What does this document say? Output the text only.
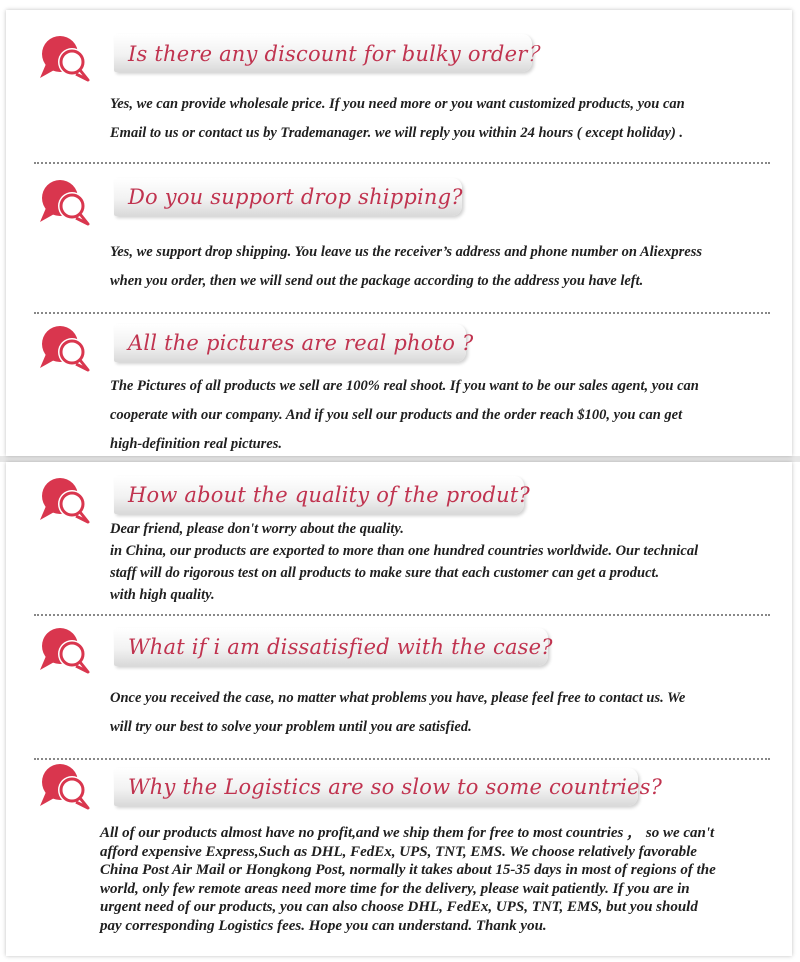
Is there any discount for bulky order？

Yes, we can provide wholesale price. If you need more or you want customized products, you can

Email to us or contact us by Trademanager. we will reply you within 24 hours ( except holiday) .

Do you support drop shipping?

Yes, we support drop shipping. You leave us the receiver’s address and phone number on Aliexpress

when you order, then we will send out the package according to the address you have left.

All the pictures are real photo ?

The Pictures of all products we sell are 100% real shoot. If you want to be our sales agent, you can

cooperate with our company. And if you sell our products and the order reach $100, you can get

high-definition real pictures.

How about the quality of the produt?

Dear friend, please don't worry about the quality.

in China, our products are exported to more than one hundred countries worldwide. Our technical

staff will do rigorous test on all products to make sure that each customer can get a product.

with high quality.

What if i am dissatisfied with the case?

Once you received the case, no matter what problems you have, please feel free to contact us. We

will try our best to solve your problem until you are satisfied.

Why the Logistics are so slow to some countries?

All of our products almost have no profit,and we ship them for free to most countries ， so we can't

afford expensive Express,Such as DHL, FedEx, UPS, TNT, EMS. We choose relatively favorable

China Post Air Mail or Hongkong Post, normally it takes about 15-35 days in most of regions of the

world, only few remote areas need more time for the delivery, please wait patiently. If you are in

urgent need of our products, you can also choose DHL, FedEx, UPS, TNT, EMS, but you should

pay corresponding Logistics fees. Hope you can understand. Thank you.
